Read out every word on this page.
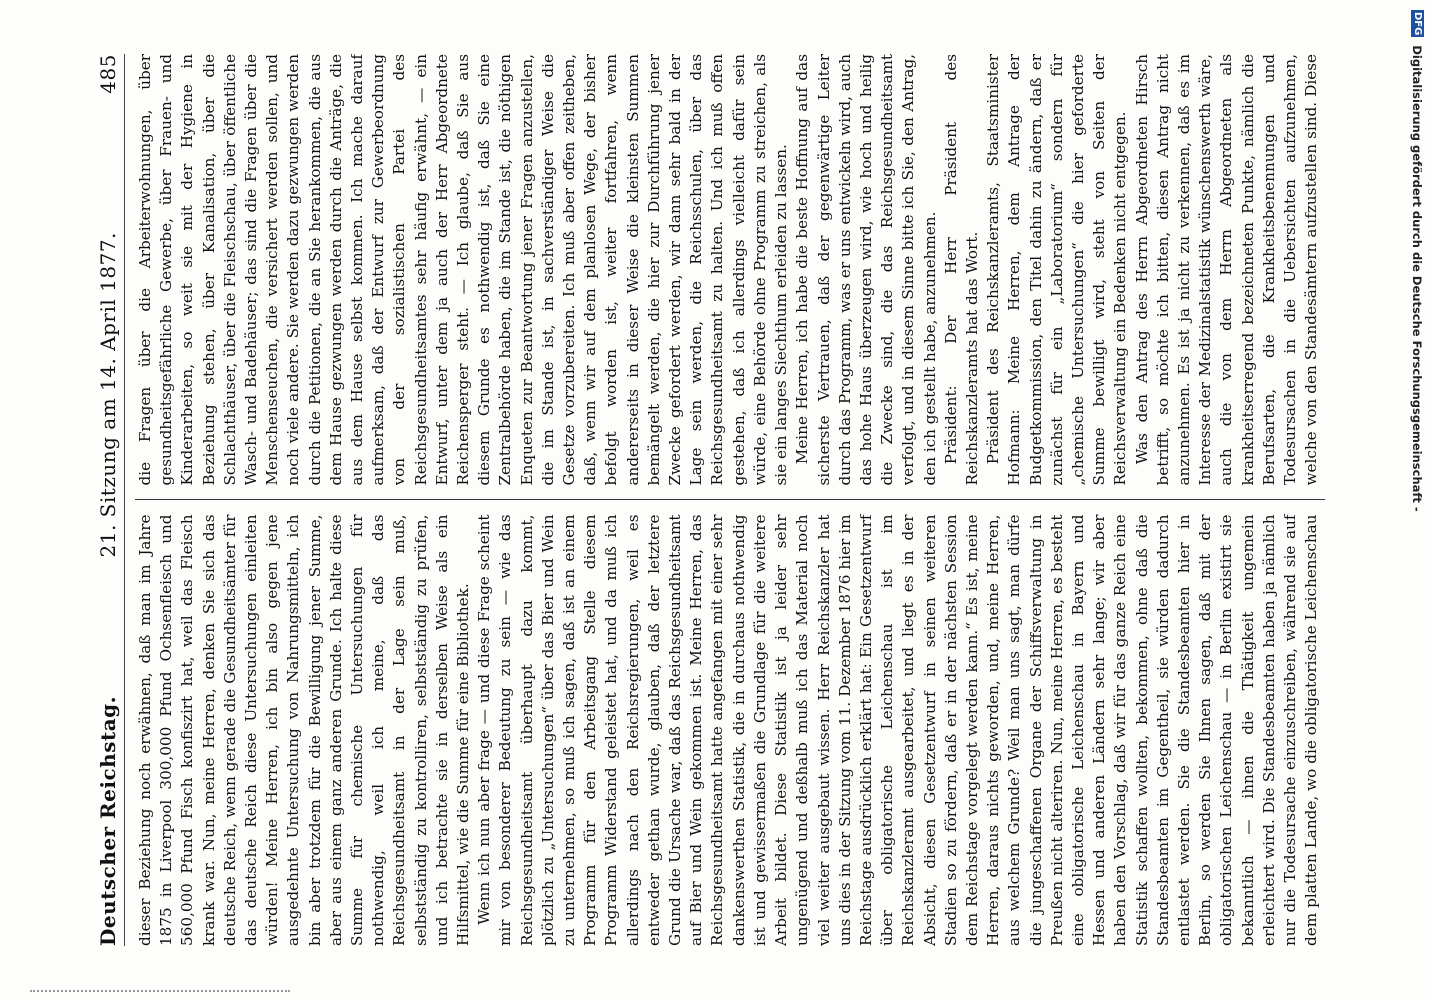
Deutscher Reichstag.
21. Sitzung am 14. April 1877.
485

dieser Beziehung noch erwähnen, daß man im Jahre 1875 in Liverpool 300,000 Pfund Ochsenfleisch und 560,000 Pfund Fisch konfiszirt hat, weil das Fleisch krank war. Nun, meine Herren, denken Sie sich das deutsche Reich, wenn gerade die Gesundheitsämter für das deutsche Reich diese Untersuchungen einleiten würden! Meine Herren, ich bin also gegen jene ausgedehnte Untersuchung von Nahrungsmitteln, ich bin aber trotzdem für die Bewilligung jener Summe, aber aus einem ganz anderen Grunde. Ich halte diese Summe für chemische Untersuchungen für nothwendig, weil ich meine, daß das Reichsgesundheitsamt in der Lage sein muß, selbstständig zu kontrolliren, selbstständig zu prüfen, und ich betrachte sie in derselben Weise als ein Hilfsmittel, wie die Summe für eine Bibliothek. Wenn ich nun aber frage — und diese Frage scheint mir von besonderer Bedeutung zu sein — wie das Reichsgesundheitsamt überhaupt dazu kommt, plötzlich zu „Untersuchungen“ über das Bier und Wein zu unternehmen, so muß ich sagen, daß ist an einem Programm für den Arbeitsgang Stelle diesem Programm Widerstand geleistet hat, und da muß ich allerdings nach den Reichsregierungen, weil es entweder gethan wurde, glauben, daß der letztere Grund die Ursache war, daß das Reichsgesundheitsamt auf Bier und Wein gekommen ist. Meine Herren, das Reichsgesundheitsamt hatte angefangen mit einer sehr dankenswerthen Statistik, die in durchaus nothwendig ist und gewissermaßen die Grundlage für die weitere Arbeit bildet. Diese Statistik ist ja leider sehr ungenügend und deßhalb muß ich das Material noch viel weiter ausgebaut wissen. Herr Reichskanzler hat uns dies in der Sitzung vom 11. Dezember 1876 hier im Reichstage ausdrücklich erklärt hat: Ein Gesetzentwurf über obligatorische Leichenschau ist im Reichskanzleramt ausgearbeitet, und liegt es in der Absicht, diesen Gesetzentwurf in seinen weiteren Stadien so zu fördern, daß er in der nächsten Session dem Reichstage vorgelegt werden kann.“ Es ist, meine Herren, daraus nichts geworden, und, meine Herren, aus welchem Grunde? Weil man uns sagt, man dürfe die jungeschaffenen Organe der Schiffsverwaltung in Preußen nicht alteriren. Nun, meine Herren, es besteht eine obligatorische Leichenschau in Bayern und Hessen und anderen Ländern sehr lange; wir aber haben den Vorschlag, daß wir für das ganze Reich eine Statistik schaffen wollten, bekommen, ohne daß die Standesbeamten im Gegentheil, sie würden dadurch entlastet werden. Sie die Standesbeamten hier in Berlin, so werden Sie Ihnen sagen, daß mit der obligatorischen Leichenschau — in Berlin existirt sie bekanntlich — ihnen die Thätigkeit ungemein erleichtert wird. Die Standesbeamten haben ja nämlich nur die Todesursache einzuschreiben, während sie auf dem platten Lande, wo die obligatorische Leichenschau

die Fragen über die Arbeiterwohnungen, über gesundheitsgefährliche Gewerbe, über Frauen- und Kinderarbeiten, so weit sie mit der Hygiene in Beziehung stehen, über Kanalisation, über die Schlachthäuser, über die Fleischschau, über öffentliche Wasch- und Badehäuser; das sind die Fragen über die Menschenseuchen, die versichert werden sollen, und noch viele andere. Sie werden dazu gezwungen werden durch die Petitionen, die an Sie herankommen, die aus dem Hause gezwungen werden durch die Anträge, die aus dem Hause selbst kommen. Ich mache darauf aufmerksam, daß der Entwurf zur Gewerbeordnung von der sozialistischen Partei des Reichsgesundheitsamtes sehr häufig erwähnt, — ein Entwurf, unter dem ja auch der Herr Abgeordnete Reichensperger steht. — Ich glaube, daß Sie aus diesem Grunde es nothwendig ist, daß Sie eine Zentralbehörde haben, die im Stande ist, die nöthigen Enqueten zur Beantwortung jener Fragen anzustellen, die im Stande ist, in sachverständiger Weise die Gesetze vorzubereiten. Ich muß aber offen zeitheben, daß, wenn wir auf dem planlosen Wege, der bisher befolgt worden ist, weiter fortfahren, wenn andererseits in dieser Weise die kleinsten Summen bemängelt werden, die hier zur Durchführung jener Zwecke gefordert werden, wir dann sehr bald in der Lage sein werden, die Reichsschulen, über das Reichsgesundheitsamt zu halten. Und ich muß offen gestehen, daß ich allerdings vielleicht dafür sein würde, eine Behörde ohne Programm zu streichen, als sie ein langes Siechthum erleiden zu lassen. Meine Herren, ich habe die beste Hoffnung auf das sicherste Vertrauen, daß der gegenwärtige Leiter durch das Programm, was er uns entwickeln wird, auch das hohe Haus überzeugen wird, wie hoch und heilig die Zwecke sind, die das Reichsgesundheitsamt verfolgt, und in diesem Sinne bitte ich Sie, den Antrag, den ich gestellt habe, anzunehmen. Präsident: Der Herr Präsident des Reichskanzleramts hat das Wort. Präsident des Reichskanzleramts, Staatsminister Hofmann: Meine Herren, dem Antrage der Budgetkommission, den Titel dahin zu ändern, daß er zunächst für ein „Laboratorium“ sondern für „chemische Untersuchungen“ die hier geforderte Summe bewilligt wird, steht von Seiten der Reichsverwaltung ein Bedenken nicht entgegen. Was den Antrag des Herrn Abgeordneten Hirsch betrifft, so möchte ich bitten, diesen Antrag nicht anzunehmen. Es ist ja nicht zu verkennen, daß es im Interesse der Medizinalstatistik wünschenswerth wäre, auch die von dem Herrn Abgeordneten als krankheitserregend bezeichneten Punkte, nämlich die Berufsarten, die Krankheitsbenennungen und Todesursachen in die Uebersichten aufzunehmen, welche von den Standesämtern aufzustellen sind. Diese

DFG Digitalisierung gefördert durch die Deutsche Forschungsgemeinschaft -
